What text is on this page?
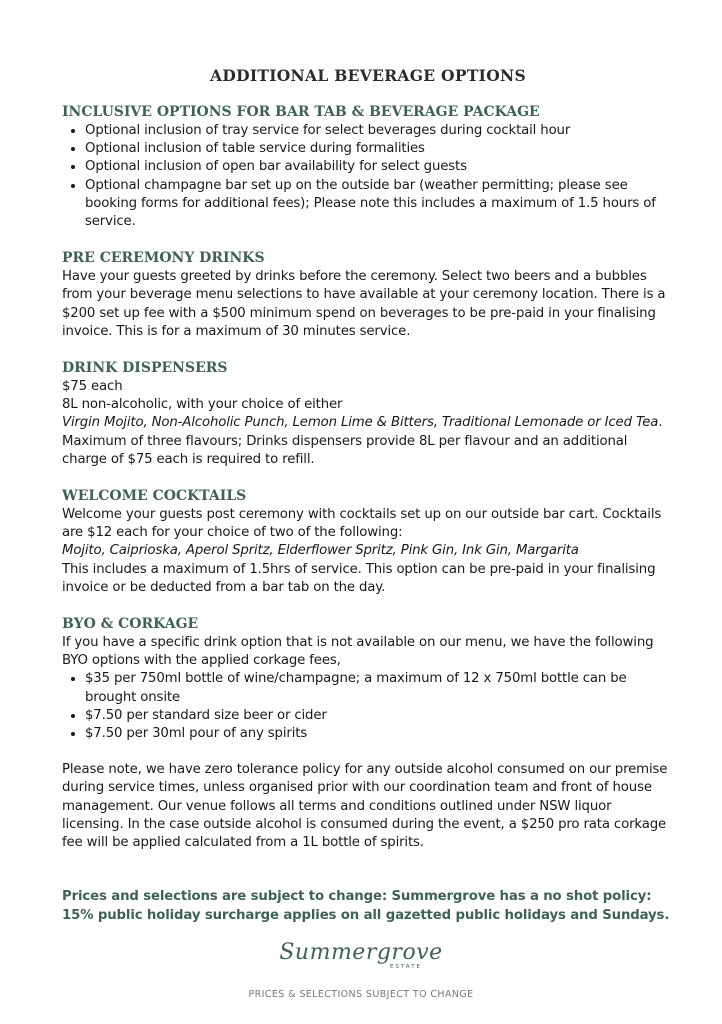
ADDITIONAL BEVERAGE OPTIONS
INCLUSIVE OPTIONS FOR BAR TAB & BEVERAGE PACKAGE
• Optional inclusion of tray service for select beverages during cocktail hour
• Optional inclusion of table service during formalities
• Optional inclusion of open bar availability for select guests
• Optional champagne bar set up on the outside bar (weather permitting; please see booking forms for additional fees); Please note this includes a maximum of 1.5 hours of service.
PRE CEREMONY DRINKS

Have your guests greeted by drinks before the ceremony. Select two beers and a bubbles from your beverage menu selections to have available at your ceremony location. There is a $200 set up fee with a $500 minimum spend on beverages to be pre-paid in your finalising invoice. This is for a maximum of 30 minutes service.

DRINK DISPENSERS

$75 each

8L non-alcoholic, with your choice of either

Virgin Mojito, Non-Alcoholic Punch, Lemon Lime & Bitters, Traditional Lemonade or Iced Tea.

Maximum of three flavours; Drinks dispensers provide 8L per flavour and an additional charge of $75 each is required to refill.

WELCOME COCKTAILS

Welcome your guests post ceremony with cocktails set up on our outside bar cart. Cocktails are $12 each for your choice of two of the following:

Mojito, Caiprioska, Aperol Spritz, Elderflower Spritz, Pink Gin, Ink Gin, Margarita

This includes a maximum of 1.5hrs of service. This option can be pre-paid in your finalising invoice or be deducted from a bar tab on the day.

BYO & CORKAGE

If you have a specific drink option that is not available on our menu, we have the following BYO options with the applied corkage fees,

• $35 per 750ml bottle of wine/champagne; a maximum of 12 x 750ml bottle can be brought onsite
• $7.50 per standard size beer or cider
• $7.50 per 30ml pour of any spirits

Please note, we have zero tolerance policy for any outside alcohol consumed on our premise during service times, unless organised prior with our coordination team and front of house management. Our venue follows all terms and conditions outlined under NSW liquor licensing. In the case outside alcohol is consumed during the event, a $250 pro rata corkage fee will be applied calculated from a 1L bottle of spirits.

Prices and selections are subject to change: Summergrove has a no shot policy: 15% public holiday surcharge applies on all gazetted public holidays and Sundays.

Summergrove
ESTATE
PRICES & SELECTIONS SUBJECT TO CHANGE
